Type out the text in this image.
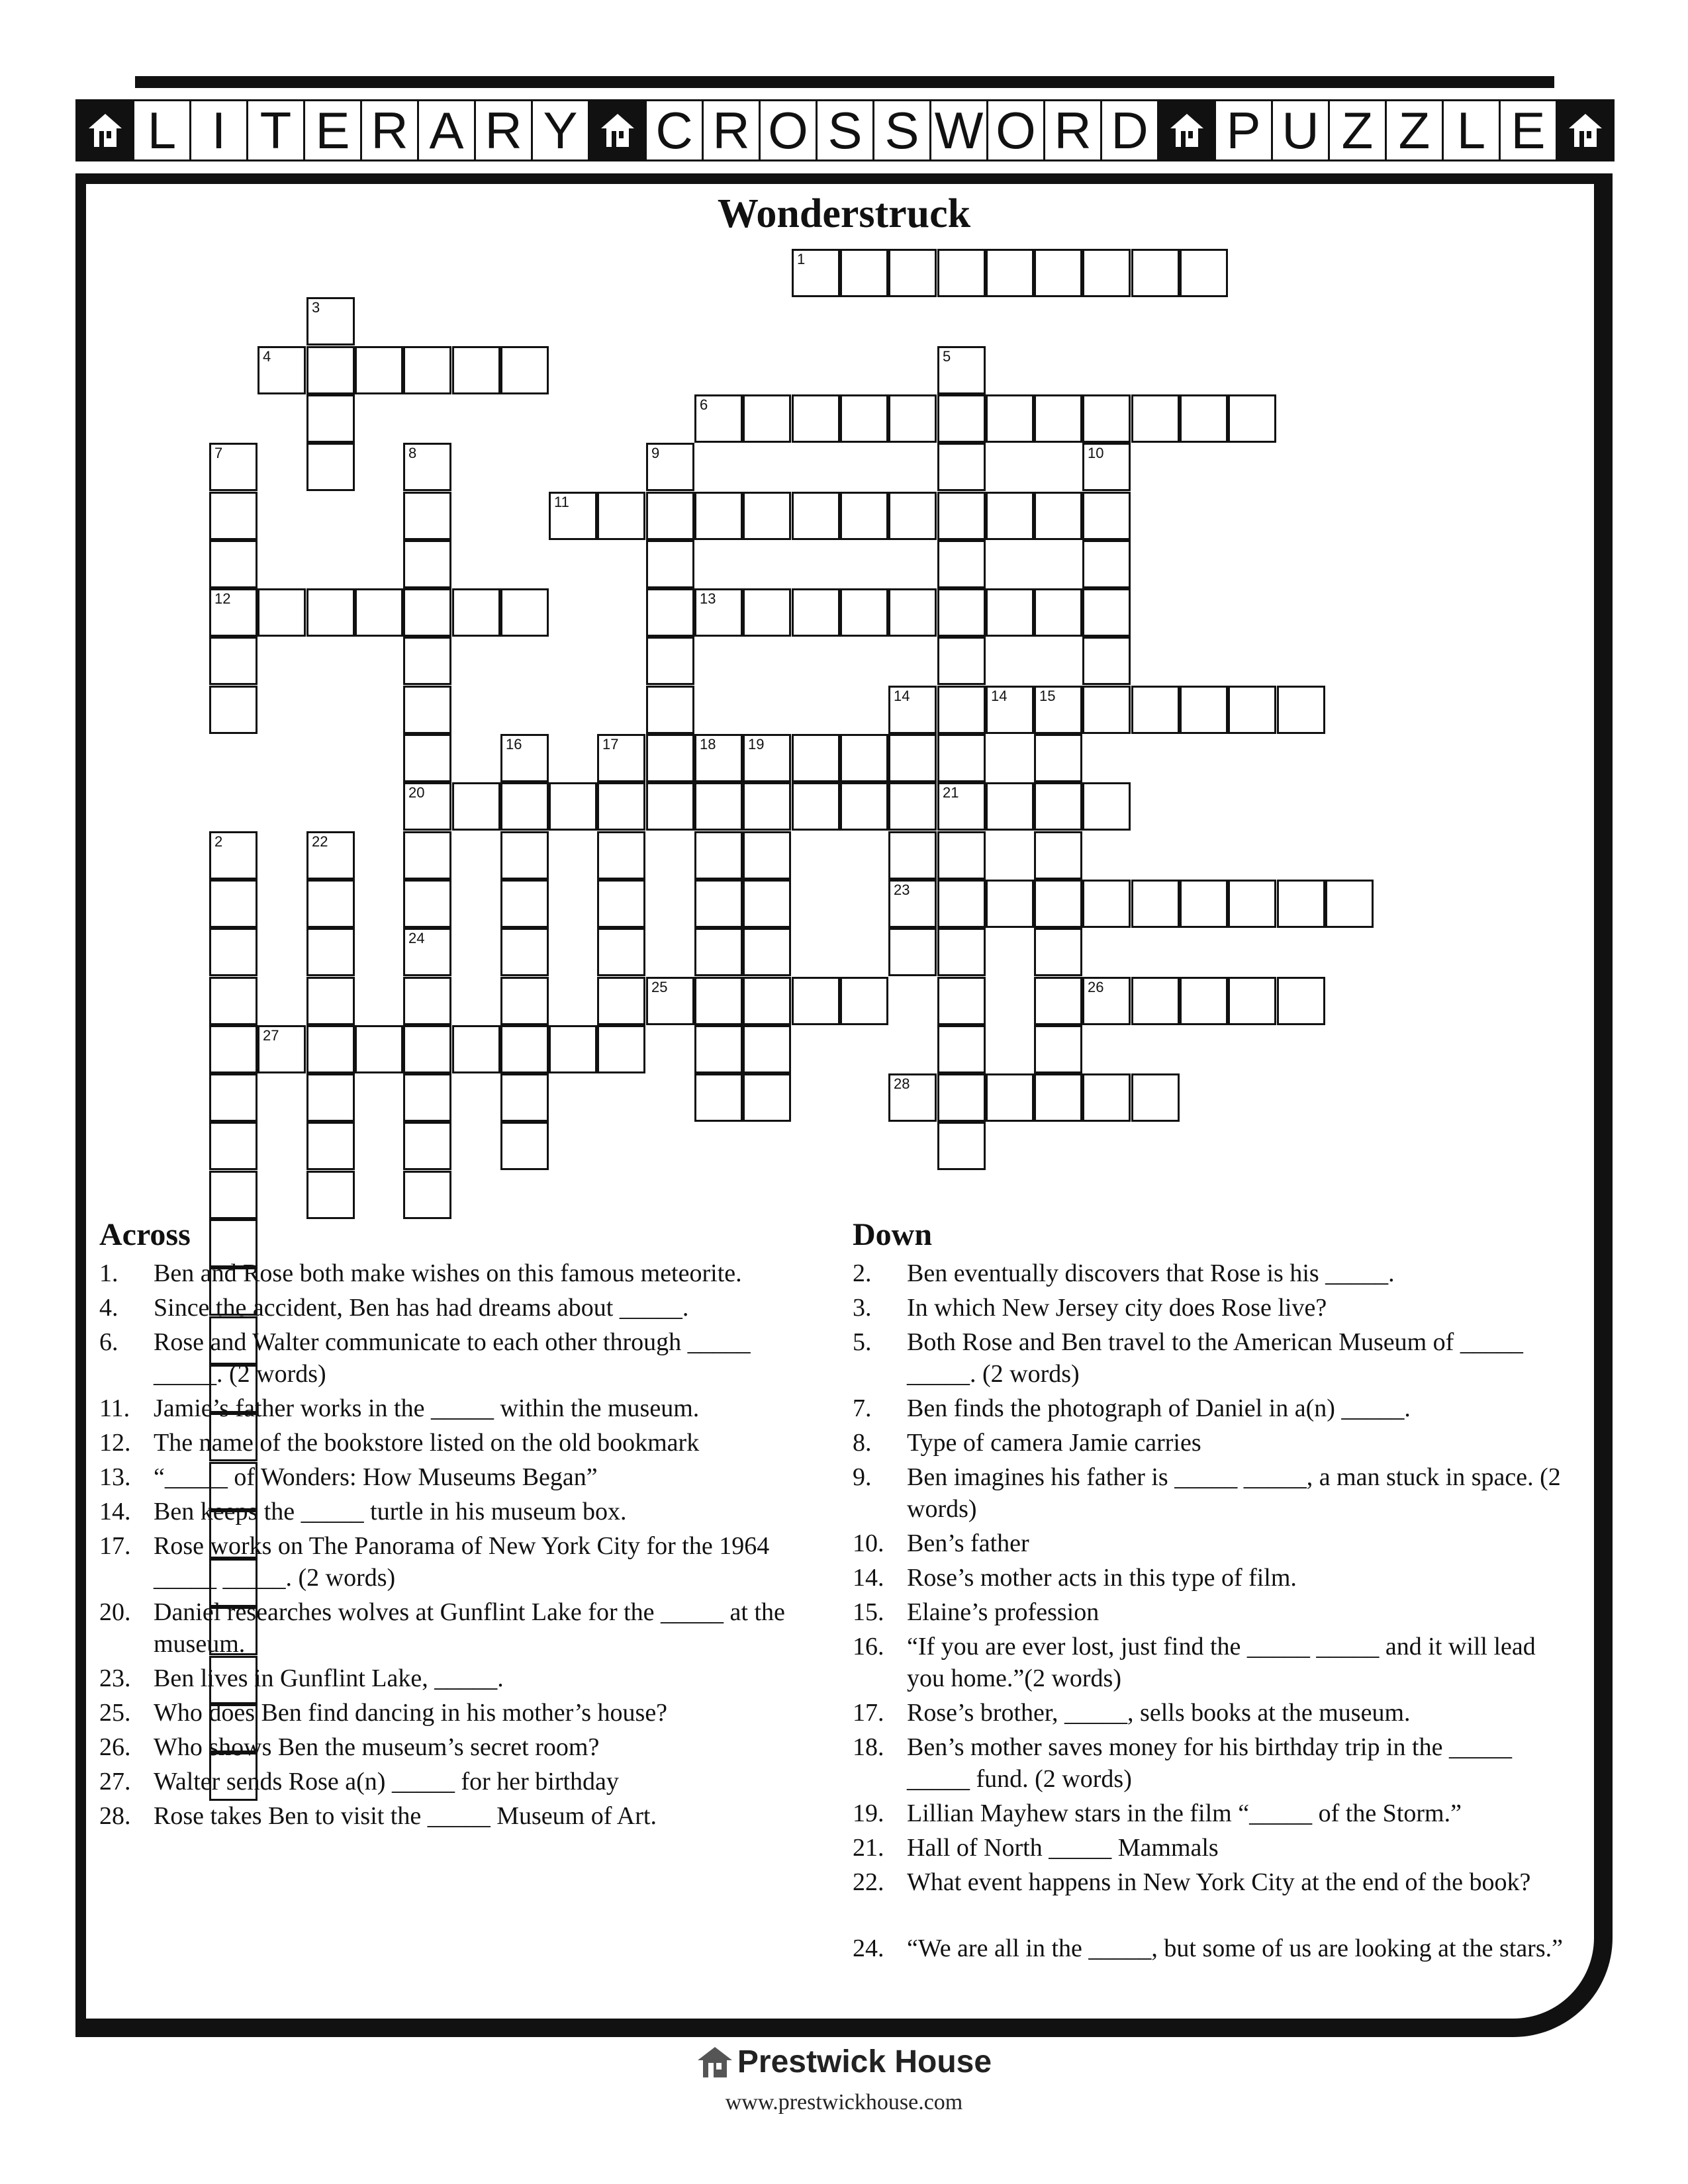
L I T E R A R Y C R O S S W O R D P U Z Z L E
Wonderstruck
1
2
3
4	5
21
6
7
12
8
20
24
9	10
11
13
14 15
14
23
16	17	18 19
22
25	26
27
28
Across	Down
1. Ben and Rose both make wishes on this famous meteorite.
4. Since the accident, Ben has had dreams about _____.
6. Rose and Walter communicate to each other through _____ _____. (2 words)
11. Jamie’s father works in the _____ within the museum.
12. The name of the bookstore listed on the old bookmark
13. “_____ of Wonders: How Museums Began”
14. Ben keeps the _____ turtle in his museum box.
17. Rose works on The Panorama of New York City for the 1964 _____ _____. (2 words)
20. Daniel researches wolves at Gunflint Lake for the _____ at the museum.
23. Ben lives in Gunflint Lake, _____.
25. Who does Ben find dancing in his mother’s house?
26. Who shows Ben the museum’s secret room?
27. Walter sends Rose a(n) _____ for her birthday
28. Rose takes Ben to visit the _____ Museum of Art.
2. Ben eventually discovers that Rose is his _____.
3. In which New Jersey city does Rose live?
5. Both Rose and Ben travel to the American Museum of _____ _____. (2 words)
7. Ben finds the photograph of Daniel in a(n) _____.
8. Type of camera Jamie carries
9. Ben imagines his father is _____ _____, a man stuck in space. (2 words)
10. Ben’s father
14. Rose’s mother acts in this type of film.
15. Elaine’s profession
16. “If you are ever lost, just find the _____ _____ and it will lead you home.”(2 words)
17. Rose’s brother, _____, sells books at the museum.
18. Ben’s mother saves money for his birthday trip in the _____ _____ fund. (2 words)
19. Lillian Mayhew stars in the film “_____ of the Storm.”
21. Hall of North _____ Mammals
22. What event happens in New York City at the end of the book?
24. “We are all in the _____, but some of us are looking at the stars.”
Prestwick House
www.prestwickhouse.com
